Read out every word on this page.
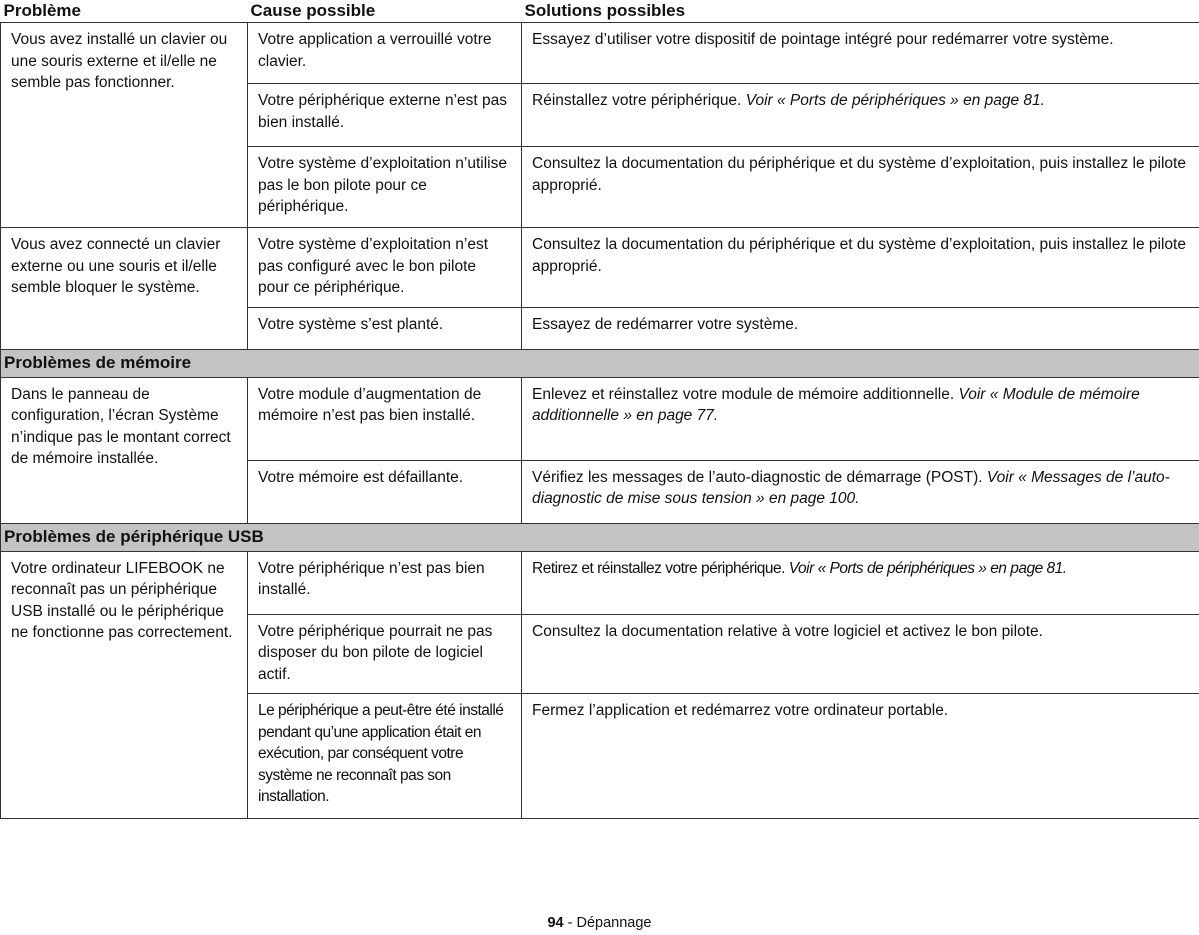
Problème	Cause possible	Solutions possibles
Vous avez installé un clavier ou une souris externe et il/elle ne semble pas fonctionner.	Votre application a verrouillé votre clavier.	Essayez d’utiliser votre dispositif de pointage intégré pour redémarrer votre système.
	Votre périphérique externe n’est pas bien installé.	Réinstallez votre périphérique. Voir « Ports de périphériques » en page 81.
	Votre système d’exploitation n’utilise pas le bon pilote pour ce périphérique.	Consultez la documentation du périphérique et du système d’exploitation, puis installez le pilote approprié.
Vous avez connecté un clavier externe ou une souris et il/elle semble bloquer le système.	Votre système d’exploitation n’est pas configuré avec le bon pilote pour ce périphérique.	Consultez la documentation du périphérique et du système d’exploitation, puis installez le pilote approprié.
	Votre système s’est planté.	Essayez de redémarrer votre système.
Problèmes de mémoire		
Dans le panneau de configuration, l’écran Système n’indique pas le montant correct de mémoire installée.	Votre module d’augmentation de mémoire n’est pas bien installé.	Enlevez et réinstallez votre module de mémoire additionnelle. Voir « Module de mémoire additionnelle » en page 77.
	Votre mémoire est défaillante.	Vérifiez les messages de l’auto-diagnostic de démarrage (POST). Voir « Messages de l’auto-diagnostic de mise sous tension » en page 100.
Problèmes de périphérique USB		
Votre ordinateur LIFEBOOK ne reconnaît pas un périphérique USB installé ou le périphérique ne fonctionne pas correctement.	Votre périphérique n’est pas bien installé.	Retirez et réinstallez votre périphérique. Voir « Ports de périphériques » en page 81.
	Votre périphérique pourrait ne pas disposer du bon pilote de logiciel actif.	Consultez la documentation relative à votre logiciel et activez le bon pilote.
	Le périphérique a peut-être été installé pendant qu’une application était en exécution, par conséquent votre système ne reconnaît pas son installation.	Fermez l’application et redémarrez votre ordinateur portable.
94 - Dépannage
